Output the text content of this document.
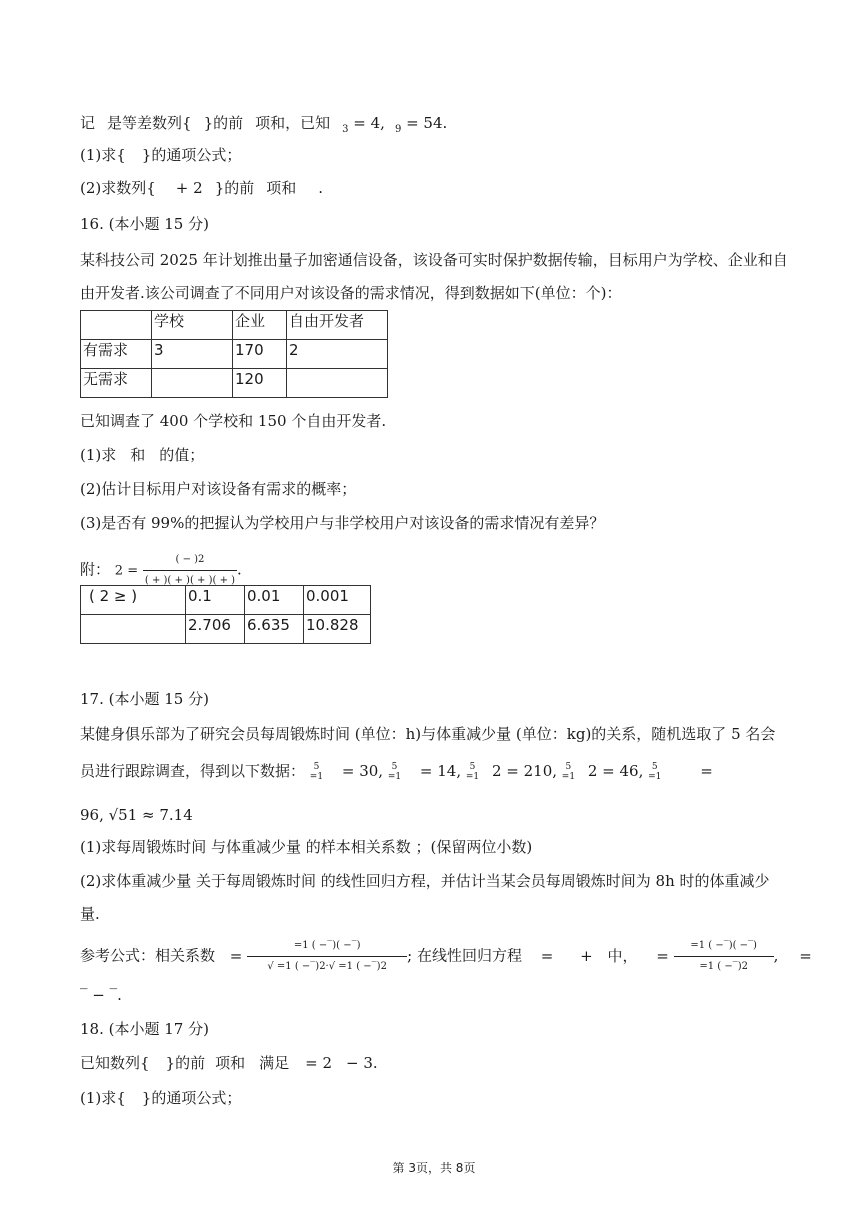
记 是等差数列{ }的前 项和，已知 $_3$ = 4, $_9$ = 54.
(1)求{ }的通项公式；
(2)求数列{ + 2 }的前 项和 .
16. (本小题 15 分)
某科技公司 2025 年计划推出量子加密通信设备，该设备可实时保护数据传输，目标用户为学校、企业和自
由开发者.该公司调查了不同用户对该设备的需求情况，得到数据如下(单位：个)：
	学校	企业	自由开发者
有需求	3	170	2
无需求		120	
已知调查了 400 个学校和 150 个自由开发者.
(1)求 和 的值；
(2)估计目标用户对该设备有需求的概率；
(3)是否有 99%的把握认为学校用户与非学校用户对该设备的需求情况有差异？
附： $2 = \frac{( - )2}{( + )( + )( + )( + )}$ .
( 2 ≥ )	0.1	0.01	0.001
	2.706	6.635	10.828
17. (本小题 15 分)
某健身俱乐部为了研究会员每周锻炼时间 (单位：h)与体重减少量 (单位：kg)的关系，随机选取了 5 名会
员进行跟踪调查，得到以下数据： 5
=1 = 30, 5
=1 = 14, 5
=1 2 = 210, 5
=1 2 = 46, 5
=1	=
96, √51 ≈ 7.14
(1)求每周锻炼时间 与体重减少量 的样本相关系数 ；(保留两位小数)
(2)求体重减少量 关于每周锻炼时间 的线性回归方程，并估计当某会员每周锻炼时间为 8h 时的体重减少
量.
参考公式：相关系数 = $\frac{=1 ( -‾)( -‾)}{√ =1 ( -‾)2\cdot√ =1 ( -‾)2}$ ; 在线性回归方程 = + 中， = $\frac{=1 ( -‾)( -‾)}{=1 ( -‾)2}$ , =
‾ − ‾.
18. (本小题 17 分)
已知数列{ }的前 项和 满足 = 2 − 3.
(1)求{ }的通项公式；
第 3页，共 8页
